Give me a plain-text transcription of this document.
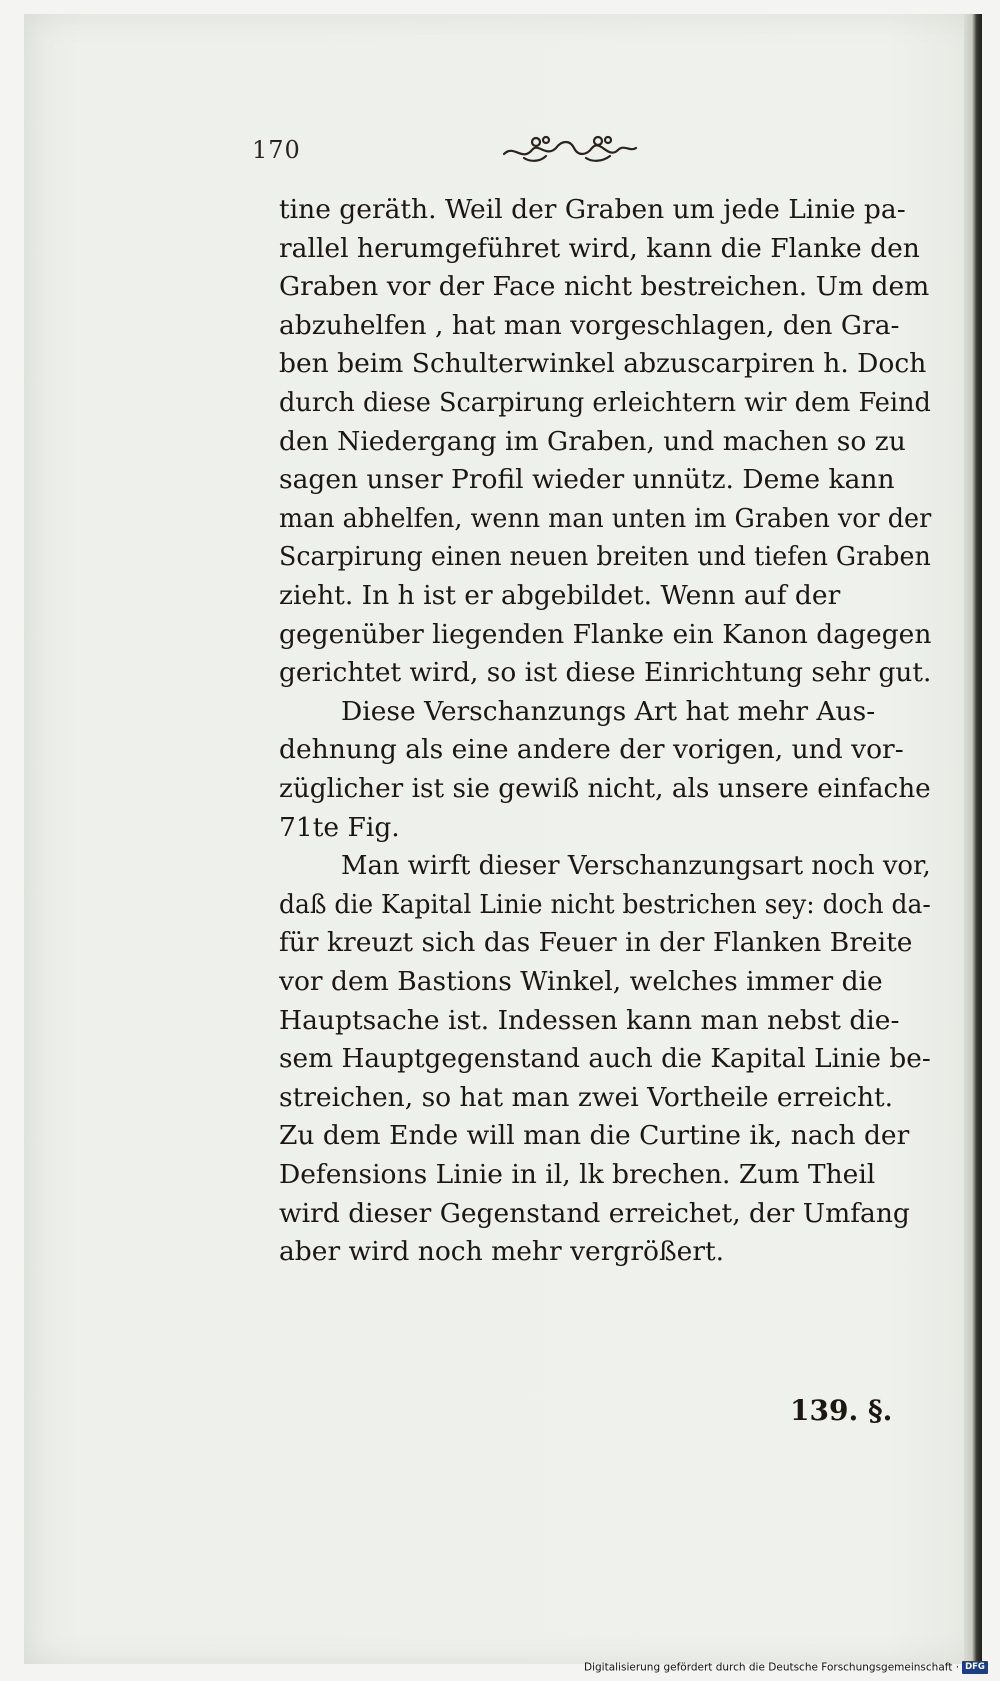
170
tine geräth. Weil der Graben um jede Linie pa-
rallel herumgeführet wird, kann die Flanke den
Graben vor der Face nicht bestreichen. Um dem
abzuhelfen , hat man vorgeschlagen, den Gra-
ben beim Schulterwinkel abzuscarpiren h. Doch
durch diese Scarpirung erleichtern wir dem Feind
den Niedergang im Graben, und machen so zu
sagen unser Profil wieder unnütz. Deme kann
man abhelfen, wenn man unten im Graben vor der
Scarpirung einen neuen breiten und tiefen Graben
zieht. In h ist er abgebildet. Wenn auf der
gegenüber liegenden Flanke ein Kanon dagegen
gerichtet wird, so ist diese Einrichtung sehr gut.
Diese Verschanzungs Art hat mehr Aus-
dehnung als eine andere der vorigen, und vor-
züglicher ist sie gewiß nicht, als unsere einfache
71te Fig.
Man wirft dieser Verschanzungsart noch vor,
daß die Kapital Linie nicht bestrichen sey: doch da-
für kreuzt sich das Feuer in der Flanken Breite
vor dem Bastions Winkel, welches immer die
Hauptsache ist. Indessen kann man nebst die-
sem Hauptgegenstand auch die Kapital Linie be-
streichen, so hat man zwei Vortheile erreicht.
Zu dem Ende will man die Curtine ik, nach der
Defensions Linie in il, lk brechen. Zum Theil
wird dieser Gegenstand erreichet, der Umfang
aber wird noch mehr vergrößert.
139. §.
Digitalisierung gefördert durch die Deutsche Forschungsgemeinschaft · DFG
